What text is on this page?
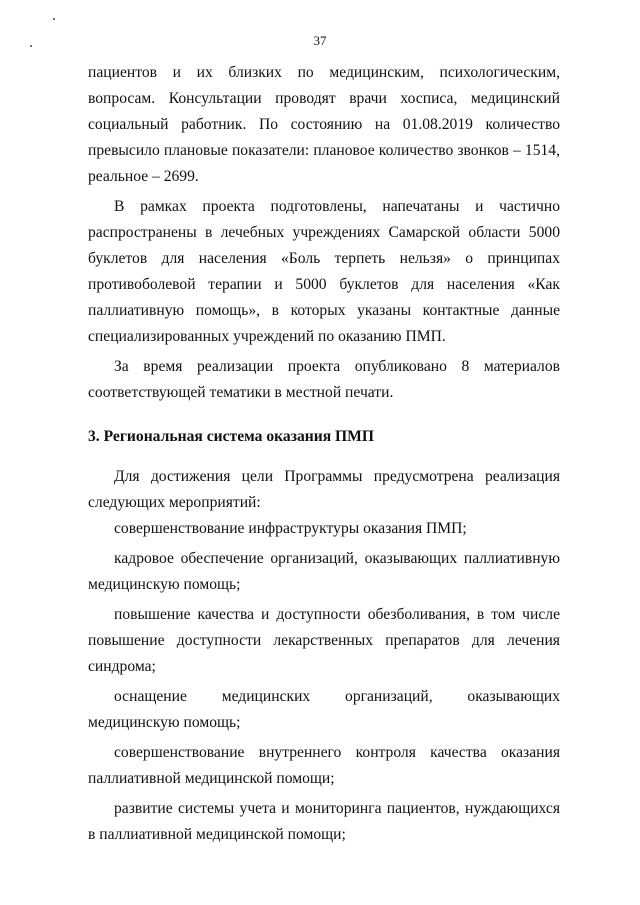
37
пациентов и их близких по медицинским, психологическим,
вопросам. Консультации проводят врачи хосписа, медицинский
социальный работник. По состоянию на 01.08.2019 количество
превысило плановые показатели: плановое количество звонков – 1514,
реальное – 2699.
В рамках проекта подготовлены, напечатаны и частично
распространены в лечебных учреждениях Самарской области 5000
буклетов для населения «Боль терпеть нельзя» о принципах
противоболевой терапии и 5000 буклетов для населения «Как
паллиативную помощь», в которых указаны контактные данные
специализированных учреждений по оказанию ПМП.
За время реализации проекта опубликовано 8 материалов
соответствующей тематики в местной печати.
3. Региональная система оказания ПМП
Для достижения цели Программы предусмотрена реализация
следующих мероприятий:
совершенствование инфраструктуры оказания ПМП;
кадровое обеспечение организаций, оказывающих паллиативную
медицинскую помощь;
повышение качества и доступности обезболивания, в том числе
повышение доступности лекарственных препаратов для лечения
синдрома;
оснащение медицинских организаций, оказывающих
медицинскую помощь;
совершенствование внутреннего контроля качества оказания
паллиативной медицинской помощи;
развитие системы учета и мониторинга пациентов, нуждающихся
в паллиативной медицинской помощи;
